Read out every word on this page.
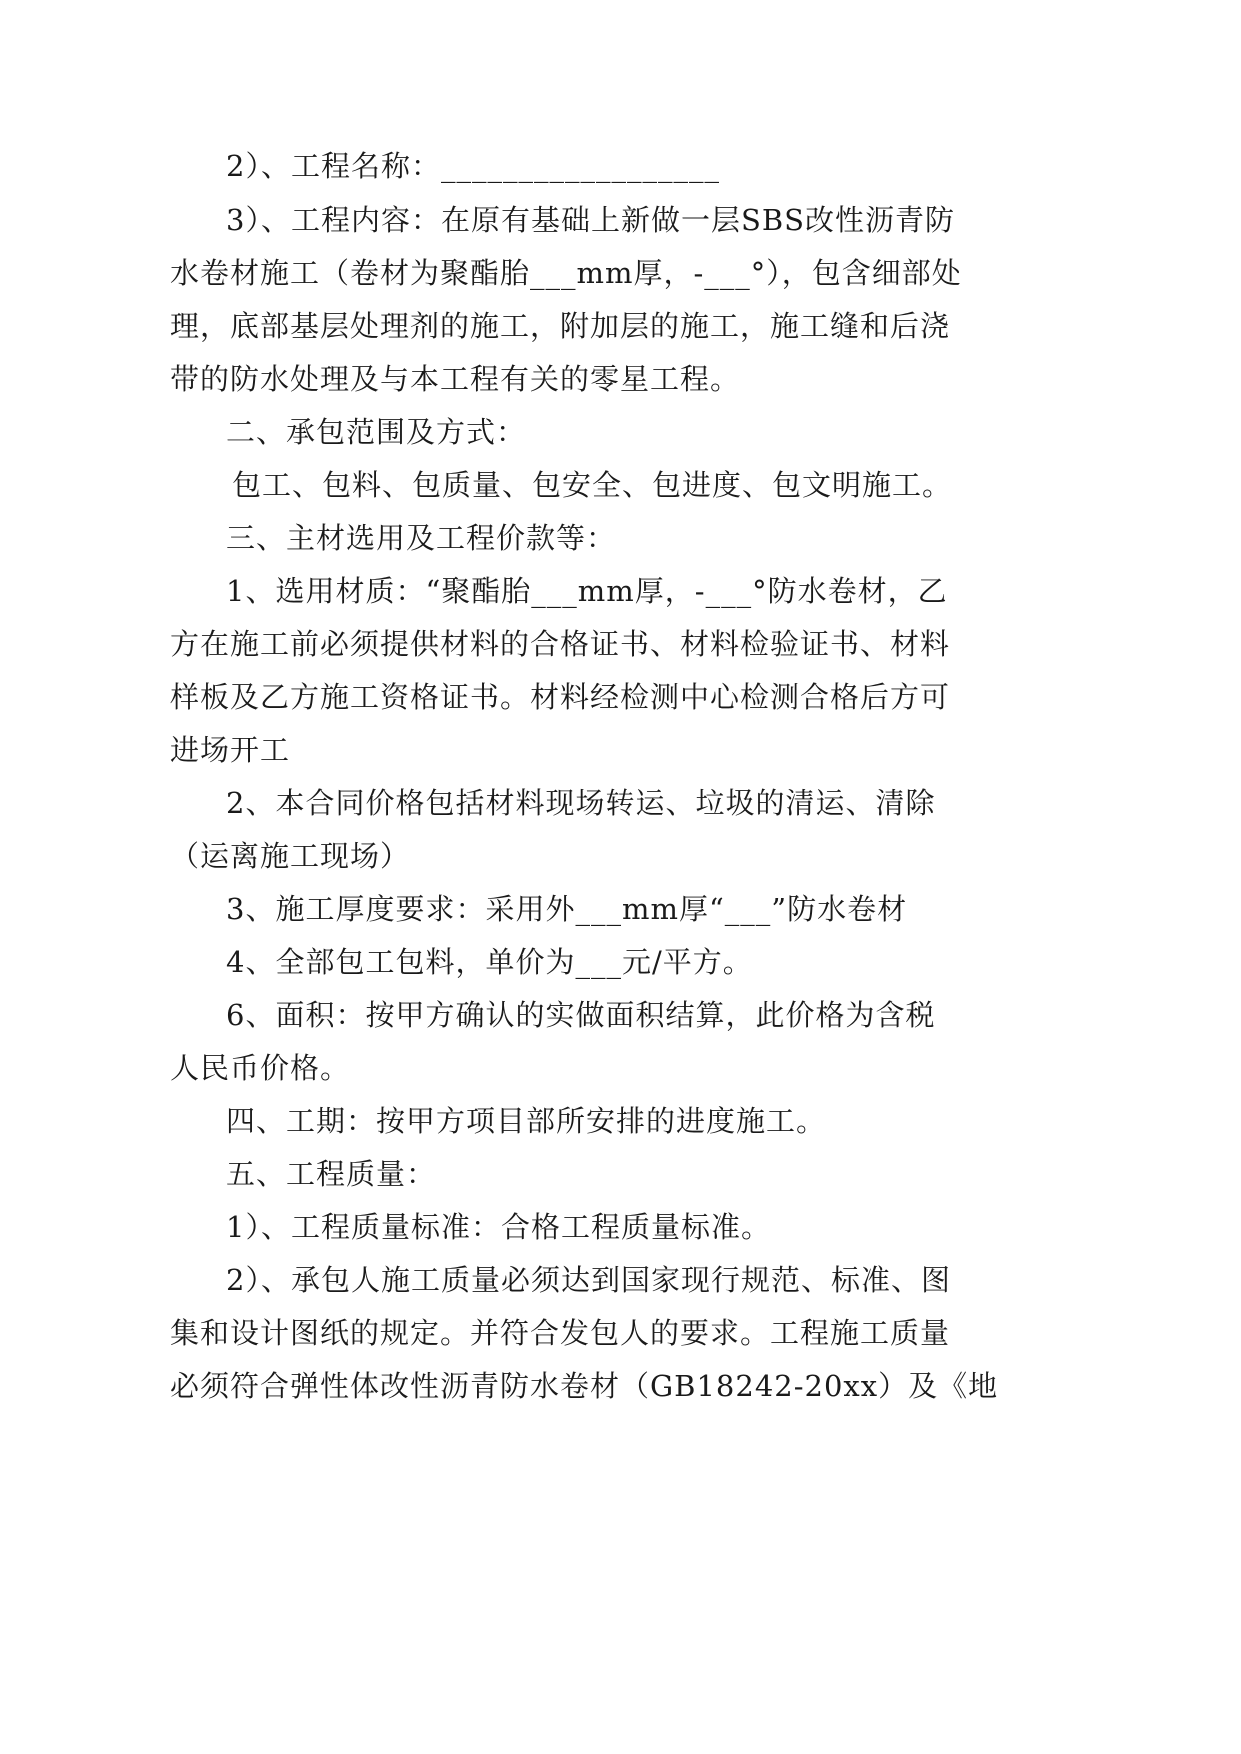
2）、工程名称：__________________
3）、工程内容：在原有基础上新做一层SBS改性沥青防
水卷材施工（卷材为聚酯胎___mm厚，-___°），包含细部处
理，底部基层处理剂的施工，附加层的施工，施工缝和后浇
带的防水处理及与本工程有关的零星工程。
二、承包范围及方式：
包工、包料、包质量、包安全、包进度、包文明施工。
三、主材选用及工程价款等：
1、选用材质：“聚酯胎___mm厚，-___°防水卷材，乙
方在施工前必须提供材料的合格证书、材料检验证书、材料
样板及乙方施工资格证书。材料经检测中心检测合格后方可
进场开工
2、本合同价格包括材料现场转运、垃圾的清运、清除
（运离施工现场）
3、施工厚度要求：采用外___mm厚“___”防水卷材
4、全部包工包料，单价为___元/平方。
6、面积：按甲方确认的实做面积结算，此价格为含税
人民币价格。
四、工期：按甲方项目部所安排的进度施工。
五、工程质量：
1）、工程质量标准：合格工程质量标准。
2）、承包人施工质量必须达到国家现行规范、标准、图
集和设计图纸的规定。并符合发包人的要求。工程施工质量
必须符合弹性体改性沥青防水卷材（GB18242-20xx）及《地
